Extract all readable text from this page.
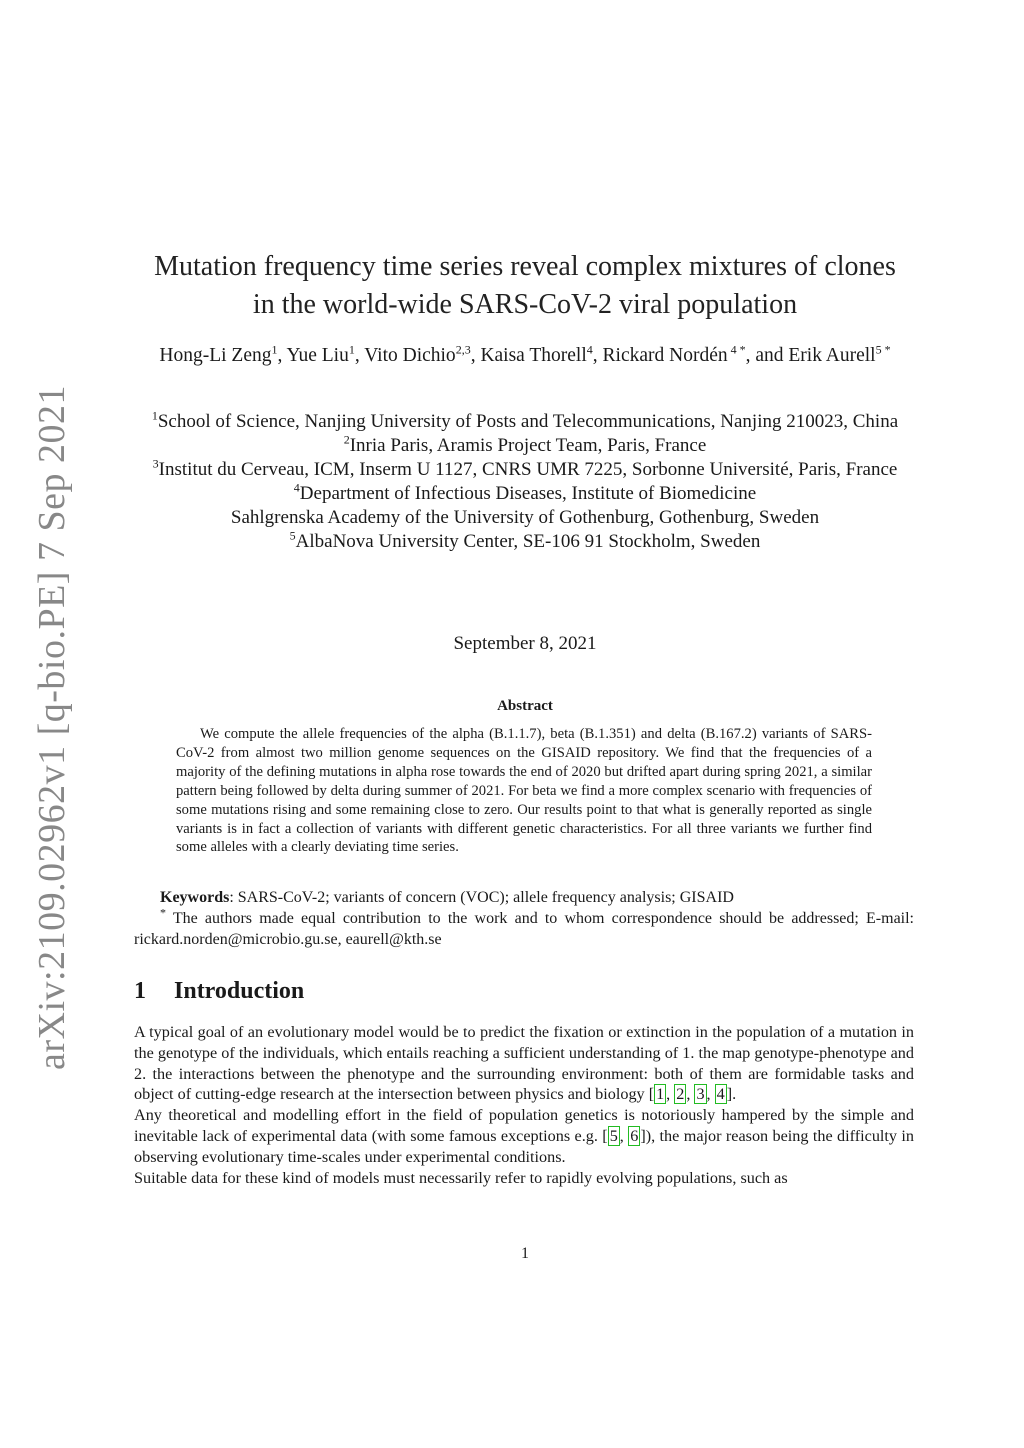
arXiv:2109.02962v1 [q-bio.PE] 7 Sep 2021
Mutation frequency time series reveal complex mixtures of clones
in the world-wide SARS-CoV-2 viral population
Hong-Li Zeng$^1$, Yue Liu$^1$, Vito Dichio$^{2,3}$, Kaisa Thorell$^4$, Rickard Nordén $^{4 *}$, and Erik Aurell$^{5 *}$
$^1$School of Science, Nanjing University of Posts and Telecommunications, Nanjing 210023, China
$^2$Inria Paris, Aramis Project Team, Paris, France
$^3$Institut du Cerveau, ICM, Inserm U 1127, CNRS UMR 7225, Sorbonne Université, Paris, France
$^4$Department of Infectious Diseases, Institute of Biomedicine
Sahlgrenska Academy of the University of Gothenburg, Gothenburg, Sweden
$^5$AlbaNova University Center, SE-106 91 Stockholm, Sweden
September 8, 2021
Abstract
We compute the allele frequencies of the alpha (B.1.1.7), beta (B.1.351) and delta (B.167.2) variants of SARS-CoV-2 from almost two million genome sequences on the GISAID repository. We find that the frequencies of a majority of the defining mutations in alpha rose towards the end of 2020 but drifted apart during spring 2021, a similar pattern being followed by delta during summer of 2021. For beta we find a more complex scenario with frequencies of some mutations rising and some remaining close to zero. Our results point to that what is generally reported as single variants is in fact a collection of variants with different genetic characteristics. For all three variants we further find some alleles with a clearly deviating time series.
Keywords: SARS-CoV-2; variants of concern (VOC); allele frequency analysis; GISAID
* The authors made equal contribution to the work and to whom correspondence should be addressed; E-mail: rickard.norden@microbio.gu.se, eaurell@kth.se
1 Introduction

A typical goal of an evolutionary model would be to predict the fixation or extinction in the population of a mutation in the genotype of the individuals, which entails reaching a sufficient understanding of 1. the map genotype-phenotype and 2. the interactions between the phenotype and the surrounding environment: both of them are formidable tasks and object of cutting-edge research at the intersection between physics and biology [ 1 , 2 , 3 , 4 ].

Any theoretical and modelling effort in the field of population genetics is notoriously hampered by the simple and inevitable lack of experimental data (with some famous exceptions e.g. [ 5 , 6 ]), the major reason being the difficulty in observing evolutionary time-scales under experimental conditions.

Suitable data for these kind of models must necessarily refer to rapidly evolving populations, such as

1
